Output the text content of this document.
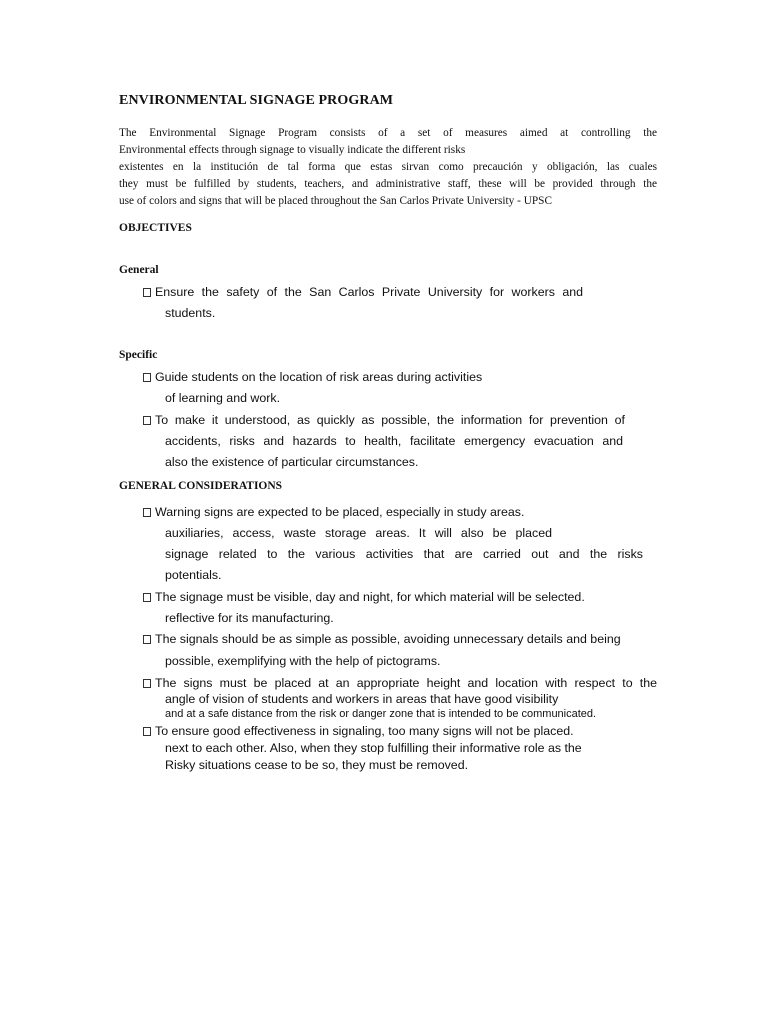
ENVIRONMENTAL SIGNAGE PROGRAM
The Environmental Signage Program consists of a set of measures aimed at controlling the
Environmental effects through signage to visually indicate the different risks
existentes en la institución de tal forma que estas sirvan como precaución y obligación, las cuales
they must be fulfilled by students, teachers, and administrative staff, these will be provided through the
use of colors and signs that will be placed throughout the San Carlos Private University - UPSC
OBJECTIVES
General
Ensure the safety of the San Carlos Private University for workers and
students.
Specific
Guide students on the location of risk areas during activities
of learning and work.
To make it understood, as quickly as possible, the information for prevention of
accidents, risks and hazards to health, facilitate emergency evacuation and
also the existence of particular circumstances.
GENERAL CONSIDERATIONS
Warning signs are expected to be placed, especially in study areas.
auxiliaries, access, waste storage areas. It will also be placed
signage related to the various activities that are carried out and the risks
potentials.
The signage must be visible, day and night, for which material will be selected.
reflective for its manufacturing.
The signals should be as simple as possible, avoiding unnecessary details and being
possible, exemplifying with the help of pictograms.
The signs must be placed at an appropriate height and location with respect to the
angle of vision of students and workers in areas that have good visibility
and at a safe distance from the risk or danger zone that is intended to be communicated.
To ensure good effectiveness in signaling, too many signs will not be placed.
next to each other. Also, when they stop fulfilling their informative role as the
Risky situations cease to be so, they must be removed.
